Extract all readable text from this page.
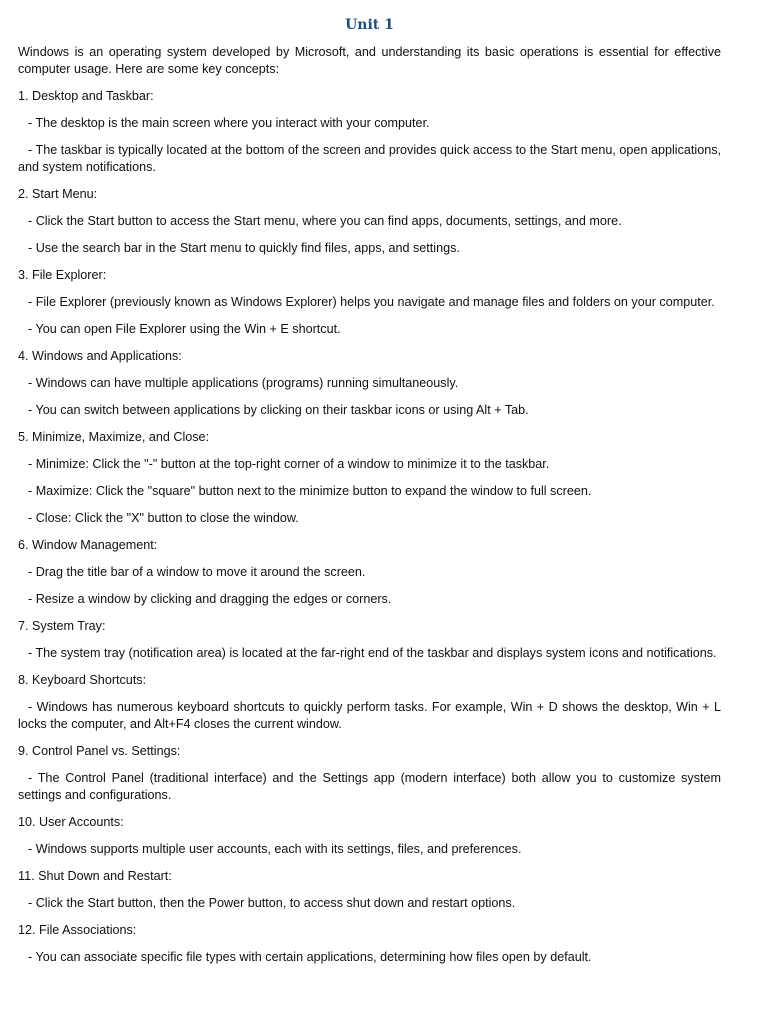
Unit 1

Windows is an operating system developed by Microsoft, and understanding its basic operations is essential for effective computer usage. Here are some key concepts:

1. Desktop and Taskbar:

- The desktop is the main screen where you interact with your computer.

- The taskbar is typically located at the bottom of the screen and provides quick access to the Start menu, open applications, and system notifications.

2. Start Menu:

- Click the Start button to access the Start menu, where you can find apps, documents, settings, and more.

- Use the search bar in the Start menu to quickly find files, apps, and settings.

3. File Explorer:

- File Explorer (previously known as Windows Explorer) helps you navigate and manage files and folders on your computer.

- You can open File Explorer using the Win + E shortcut.

4. Windows and Applications:

- Windows can have multiple applications (programs) running simultaneously.

- You can switch between applications by clicking on their taskbar icons or using Alt + Tab.

5. Minimize, Maximize, and Close:

- Minimize: Click the "-" button at the top-right corner of a window to minimize it to the taskbar.

- Maximize: Click the "square" button next to the minimize button to expand the window to full screen.

- Close: Click the "X" button to close the window.

6. Window Management:

- Drag the title bar of a window to move it around the screen.

- Resize a window by clicking and dragging the edges or corners.

7. System Tray:

- The system tray (notification area) is located at the far-right end of the taskbar and displays system icons and notifications.

8. Keyboard Shortcuts:

- Windows has numerous keyboard shortcuts to quickly perform tasks. For example, Win + D shows the desktop, Win + L locks the computer, and Alt+F4 closes the current window.

9. Control Panel vs. Settings:

- The Control Panel (traditional interface) and the Settings app (modern interface) both allow you to customize system settings and configurations.

10. User Accounts:

- Windows supports multiple user accounts, each with its settings, files, and preferences.

11. Shut Down and Restart:

- Click the Start button, then the Power button, to access shut down and restart options.

12. File Associations:

- You can associate specific file types with certain applications, determining how files open by default.
